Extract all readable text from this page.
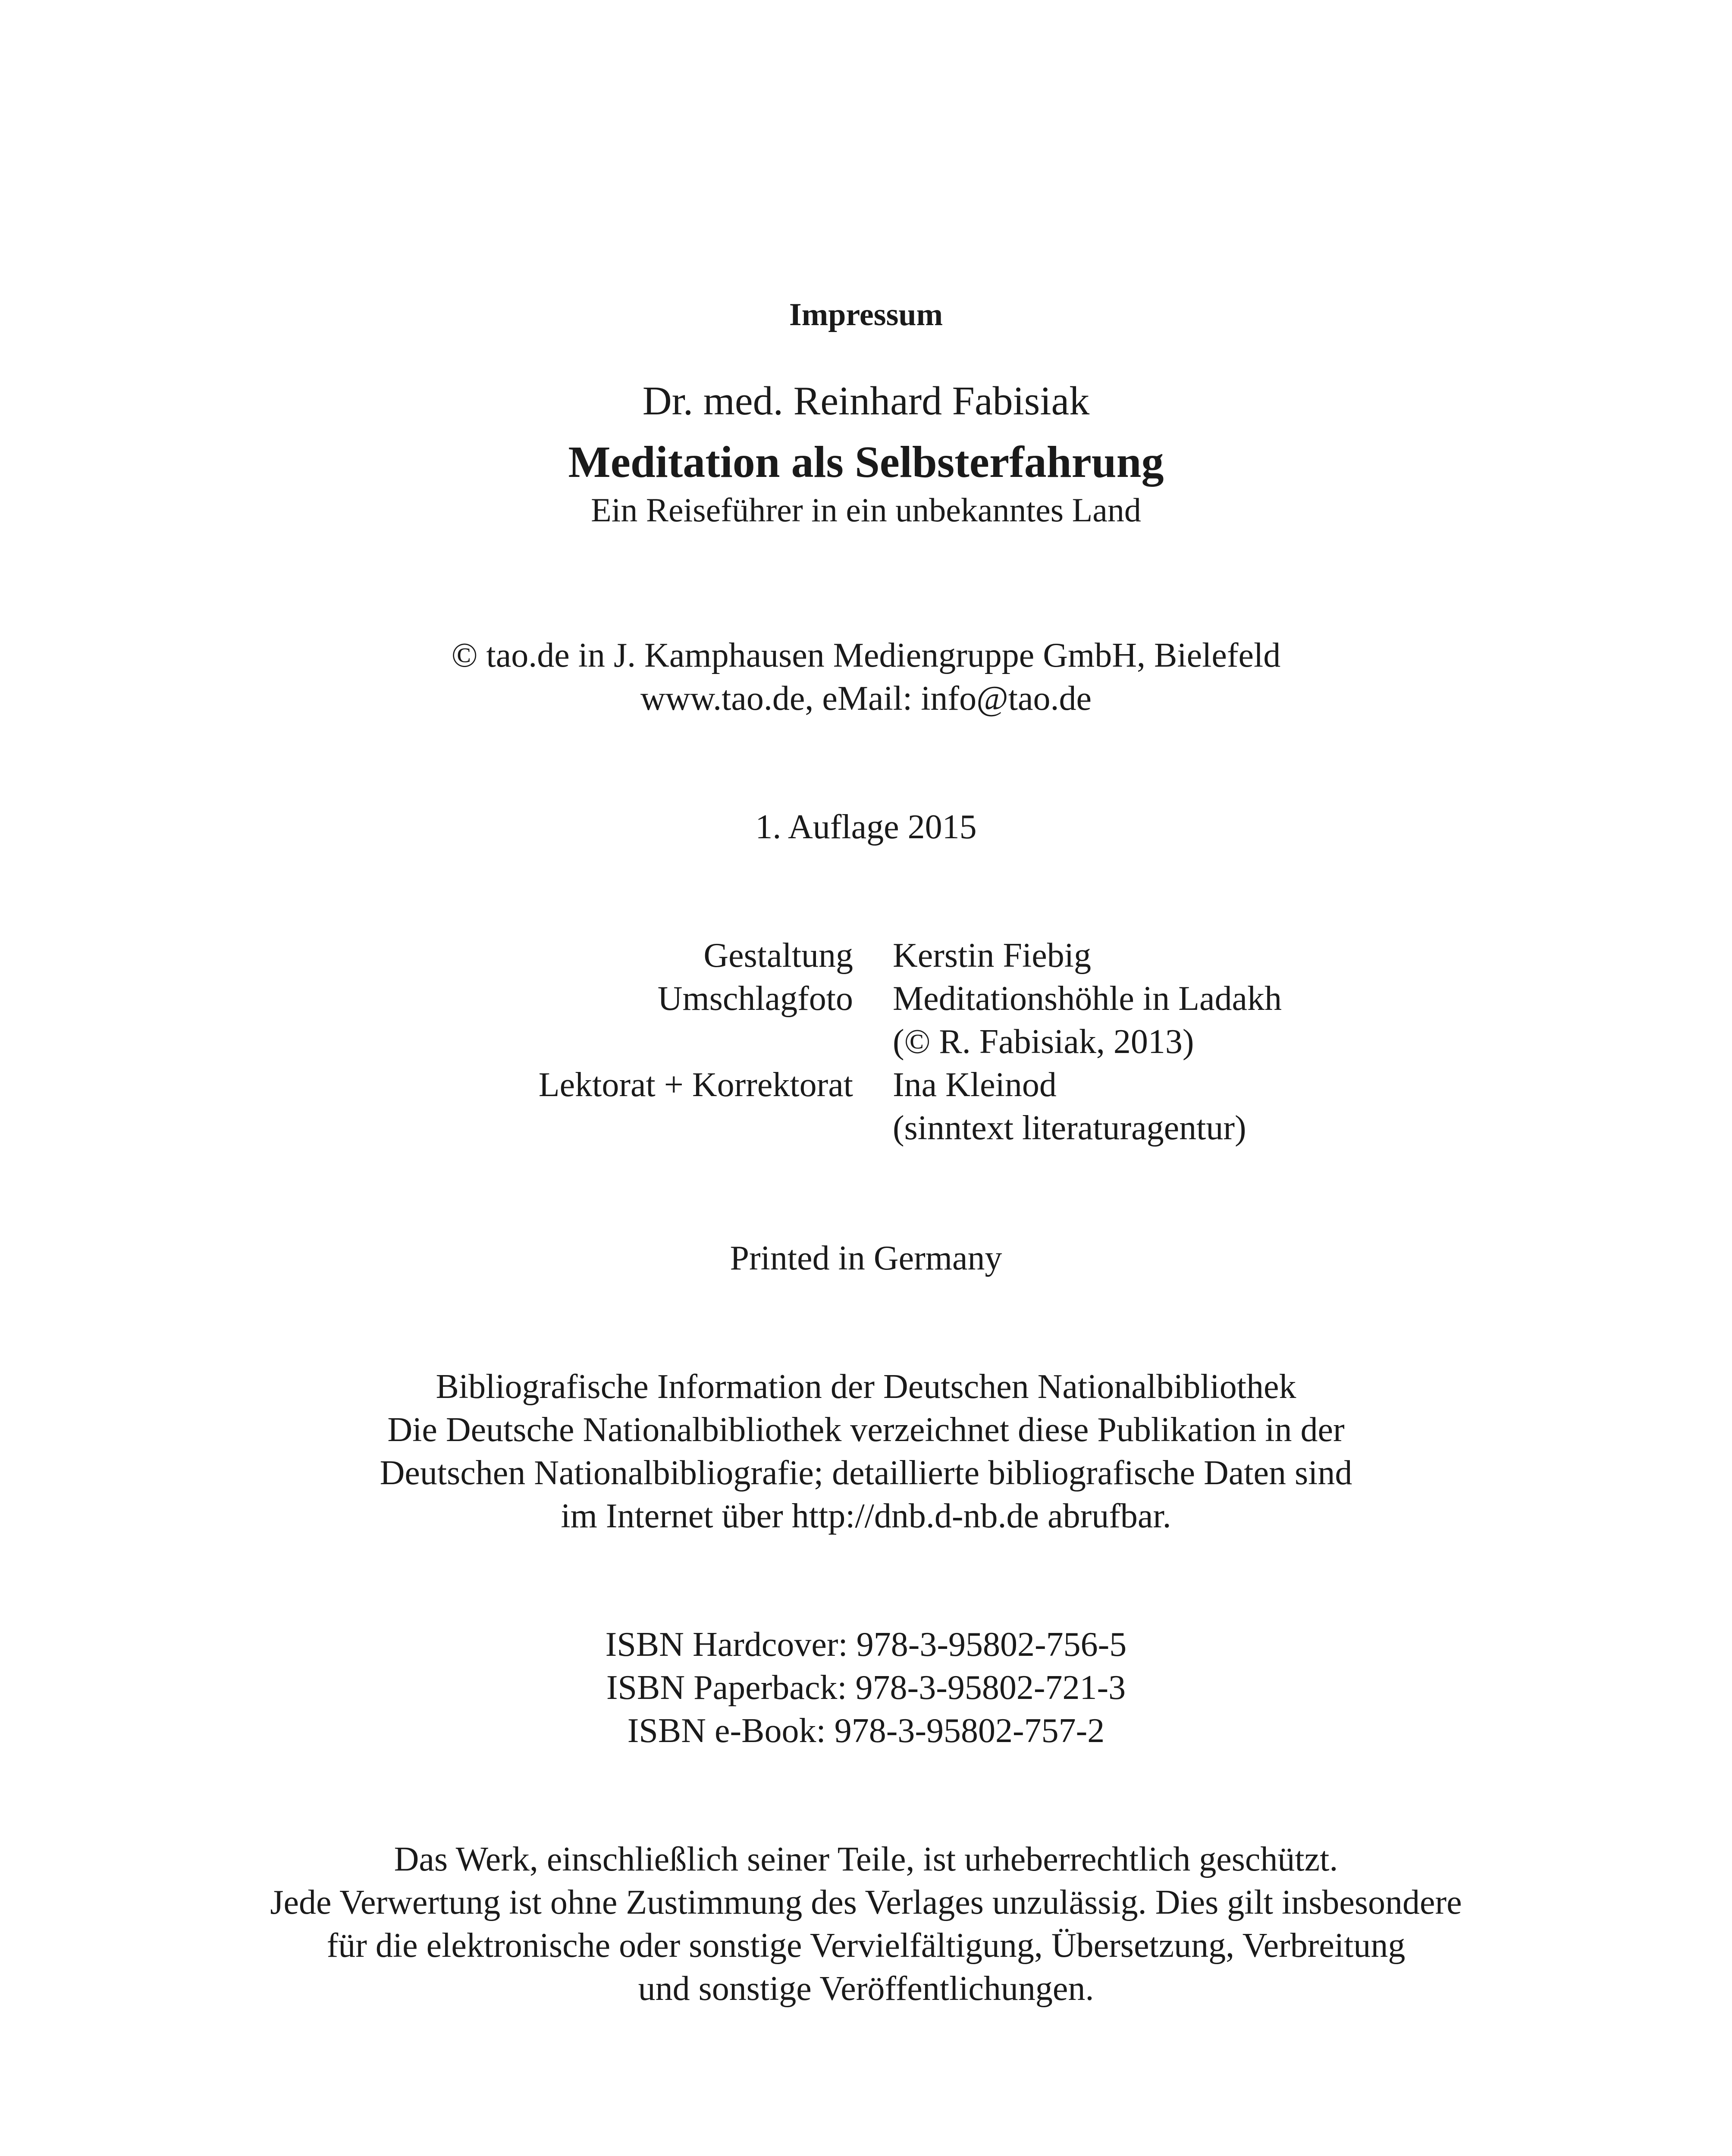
Impressum
Dr. med. Reinhard Fabisiak
Meditation als Selbsterfahrung
Ein Reiseführer in ein unbekanntes Land
© tao.de in J. Kamphausen Mediengruppe GmbH, Bielefeld
www.tao.de, eMail: info@tao.de
1. Auflage 2015
Gestaltung Kerstin Fiebig
Umschlagfoto Meditationshöhle in Ladakh
(© R. Fabisiak, 2013)
Lektorat + Korrektorat Ina Kleinod
(sinntext literaturagentur)
Printed in Germany
Bibliografische Information der Deutschen Nationalbibliothek
Die Deutsche Nationalbibliothek verzeichnet diese Publikation in der
Deutschen Nationalbibliografie; detaillierte bibliografische Daten sind
im Internet über http://dnb.d-nb.de abrufbar.
ISBN Hardcover: 978-3-95802-756-5
ISBN Paperback: 978-3-95802-721-3
ISBN e-Book: 978-3-95802-757-2
Das Werk, einschließlich seiner Teile, ist urheberrechtlich geschützt.
Jede Verwertung ist ohne Zustimmung des Verlages unzulässig. Dies gilt insbesondere
für die elektronische oder sonstige Vervielfältigung, Übersetzung, Verbreitung
und sonstige Veröffentlichungen.
